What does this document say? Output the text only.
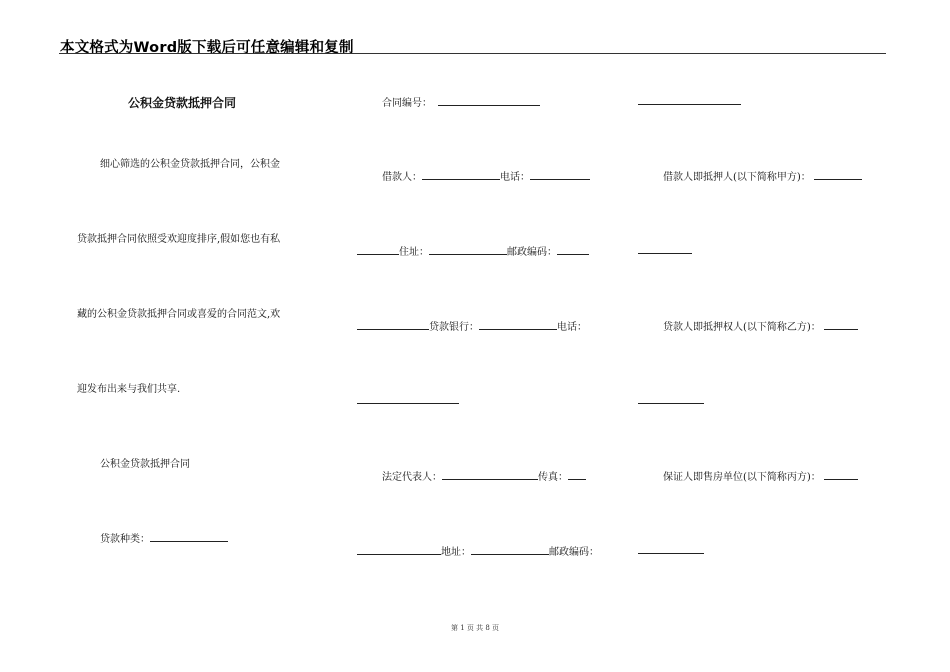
本文格式为Word版下载后可任意编辑和复制
公积金贷款抵押合同
细心筛选的公积金贷款抵押合同，公积金
贷款抵押合同依照受欢迎度排序,假如您也有私
藏的公积金贷款抵押合同或喜爱的合同范文,欢
迎发布出来与我们共享.
公积金贷款抵押合同
贷款种类：
合同编号：
借款人：	电话：
住址：	邮政编码：
贷款银行：	电话：
法定代表人：	传真：
地址：	邮政编码：
借款人即抵押人(以下简称甲方)：
贷款人即抵押权人(以下简称乙方)：
保证人即售房单位(以下简称丙方)：
第 1 页 共 8 页
